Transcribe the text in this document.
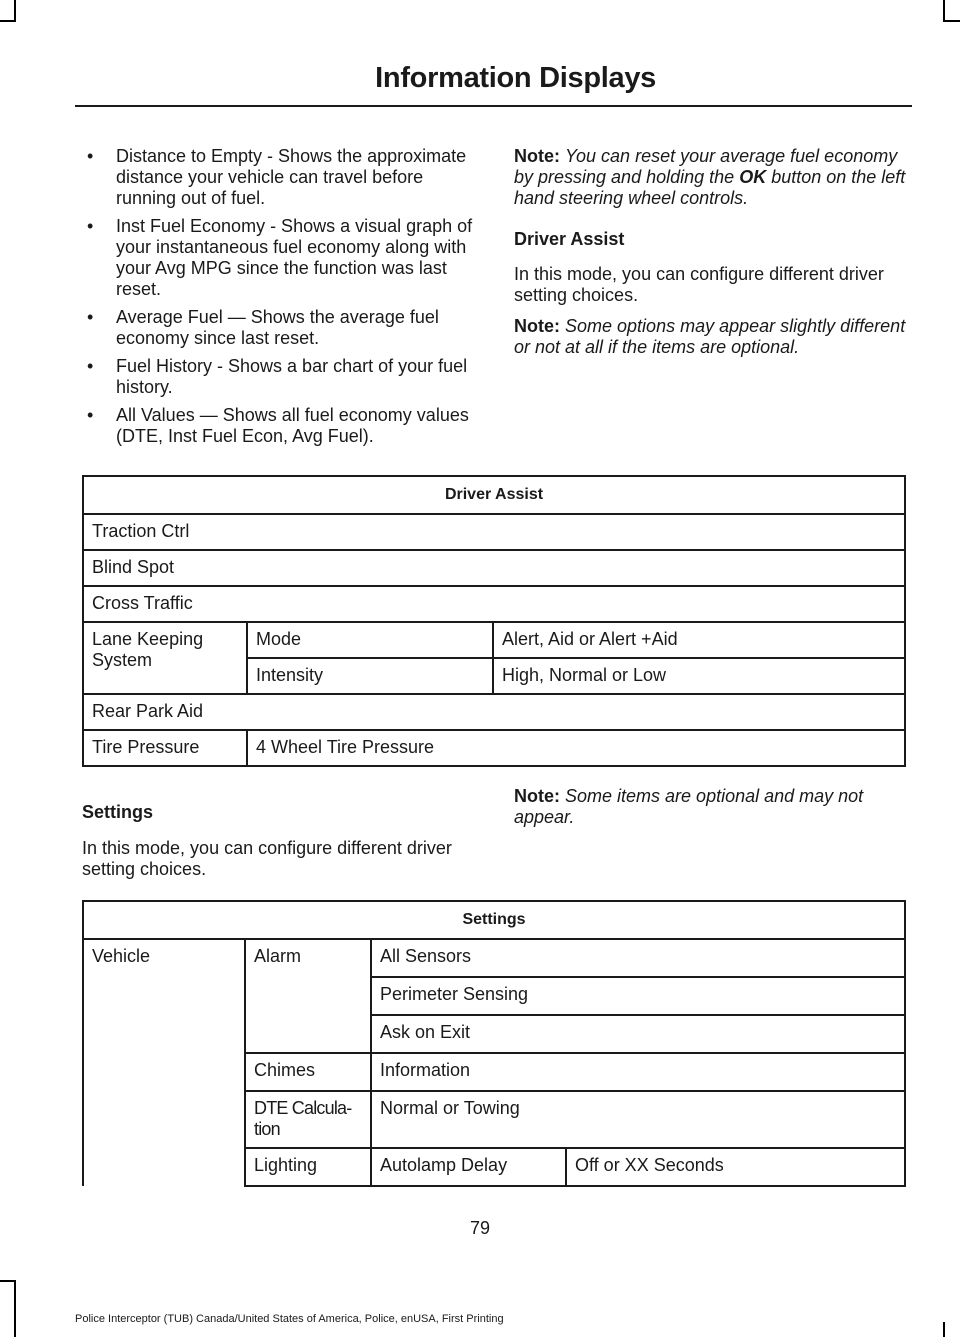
Information Displays
• Distance to Empty - Shows the approximate distance your vehicle can travel before running out of fuel.
• Inst Fuel Economy - Shows a visual graph of your instantaneous fuel economy along with your Avg MPG since the function was last reset.
• Average Fuel — Shows the average fuel economy since last reset.
• Fuel History - Shows a bar chart of your fuel history.
• All Values — Shows all fuel economy values (DTE, Inst Fuel Econ, Avg Fuel).

Note: You can reset your average fuel economy by pressing and holding the OK button on the left hand steering wheel controls.

Driver Assist

In this mode, you can configure different driver setting choices.

Note: Some options may appear slightly different or not at all if the items are optional.

Driver Assist		
Traction Ctrl		
Blind Spot		
Cross Traffic		
Lane Keeping System	Mode	Alert, Aid or Alert +Aid
	Intensity	High, Normal or Low
Rear Park Aid		
Tire Pressure	4 Wheel Tire Pressure	

Settings

In this mode, you can configure different driver setting choices.

Note: Some items are optional and may not appear.

Settings			
Vehicle	Alarm	All Sensors	
		Perimeter Sensing	
		Ask on Exit	
	Chimes	Information	
	DTE Calcula- tion	Normal or Towing	
	Lighting	Autolamp Delay	Off or XX Seconds
79
Police Interceptor (TUB) Canada/United States of America, Police, enUSA, First Printing
